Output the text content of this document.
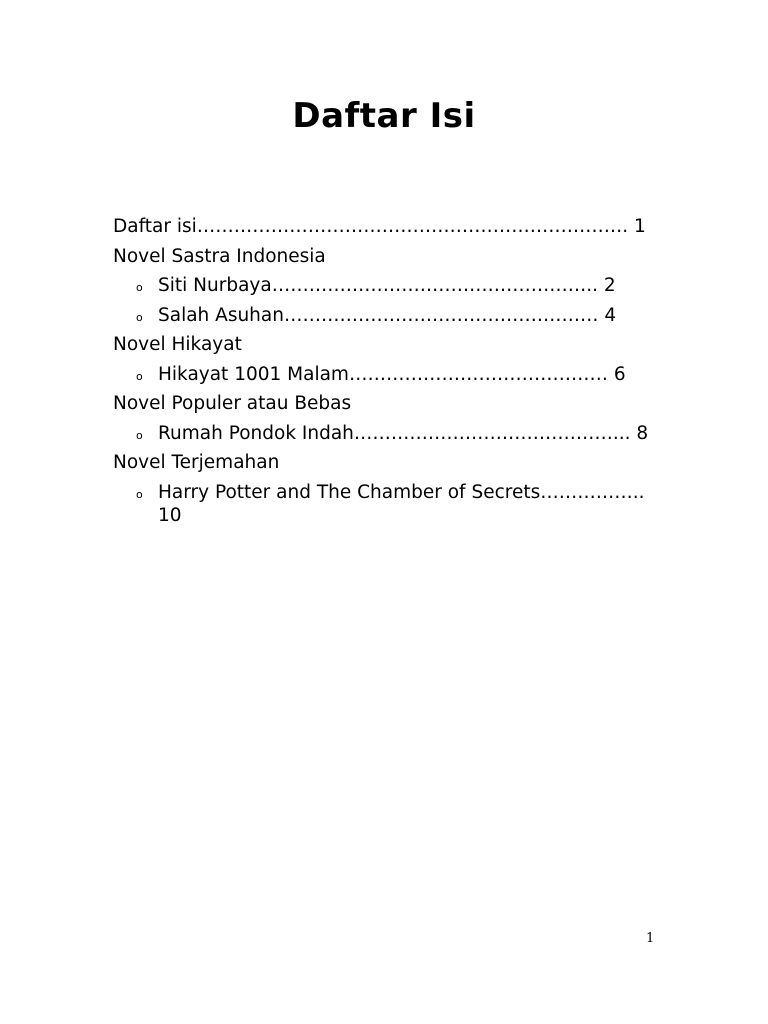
Daftar Isi
Daftar isi……………………………………………………………. 1
Novel Sastra Indonesia
o Siti Nurbaya…………………………………………….. 2
o Salah Asuhan…………………………………………… 4
Novel Hikayat
o Hikayat 1001 Malam…………………………………… 6
Novel Populer atau Bebas
o Rumah Pondok Indah……………………………………... 8
Novel Terjemahan
o Harry Potter and The Chamber of Secrets…………….. 10
1
